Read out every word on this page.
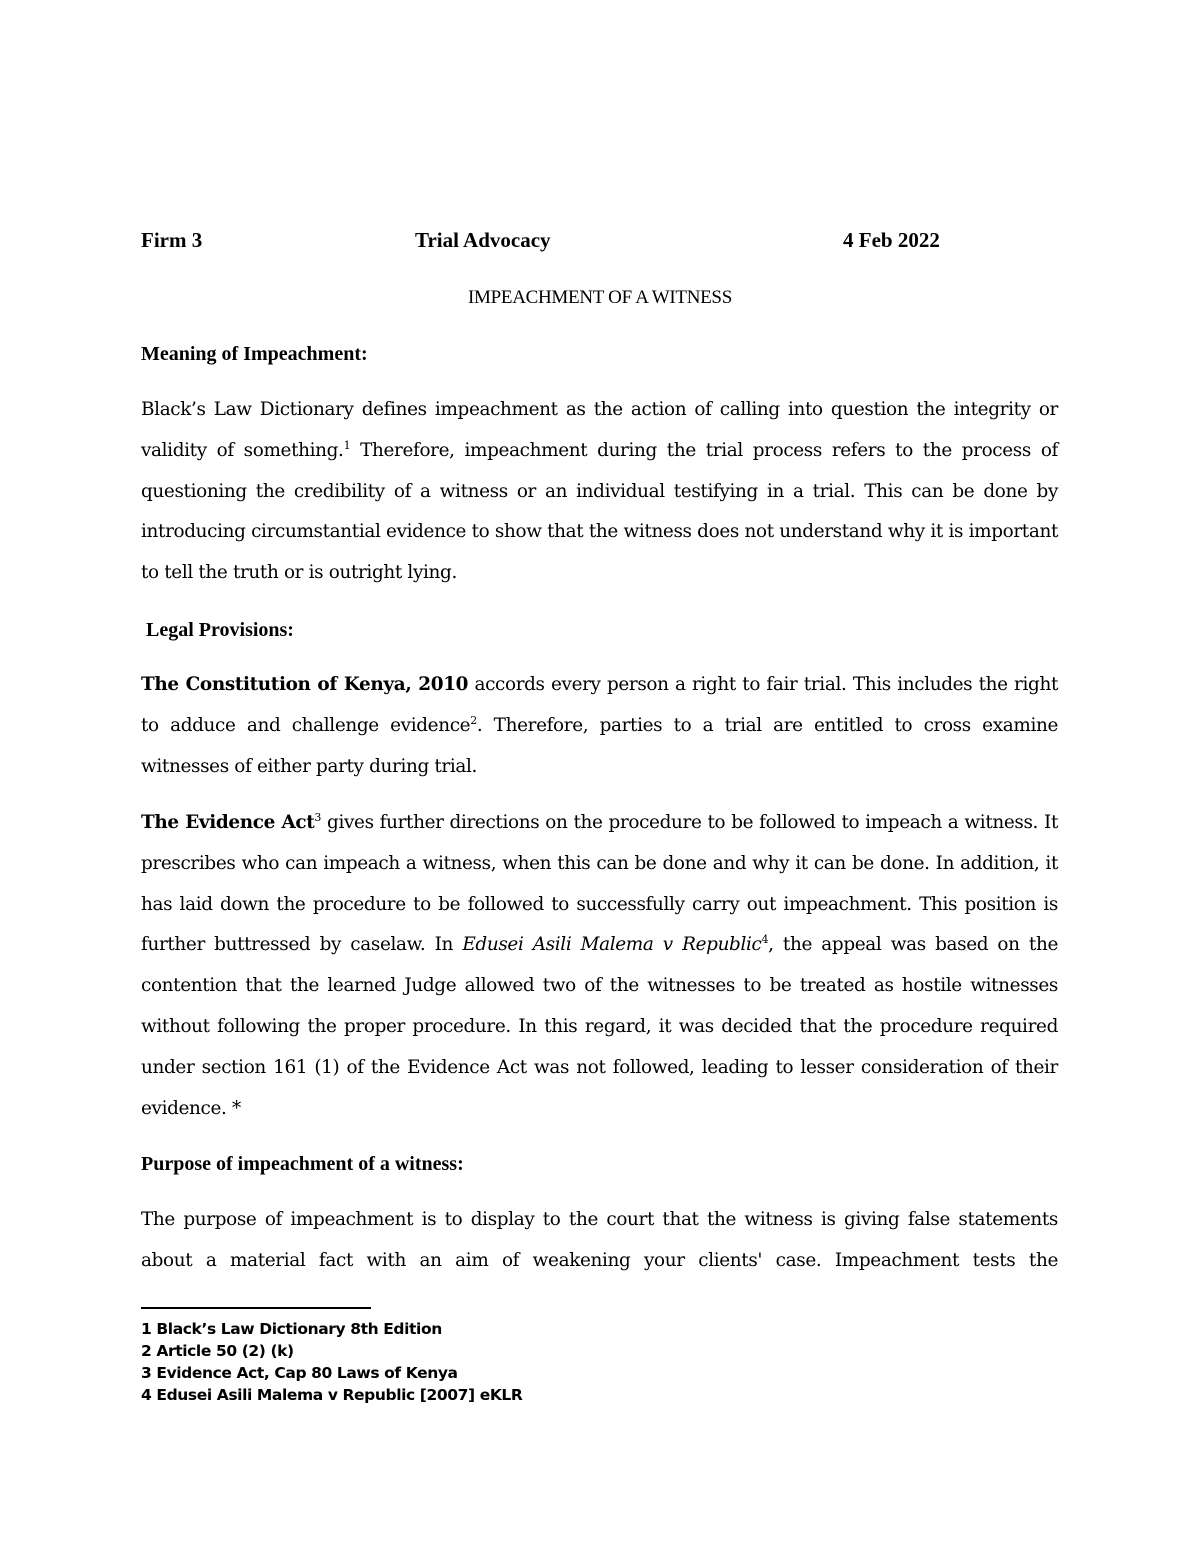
Firm 3	Trial Advocacy	4 Feb 2022
IMPEACHMENT OF A WITNESS
Meaning of Impeachment:
Black’s Law Dictionary defines impeachment as the action of calling into question the integrity or validity of something.$^1$ Therefore, impeachment during the trial process refers to the process of questioning the credibility of a witness or an individual testifying in a trial. This can be done by introducing circumstantial evidence to show that the witness does not understand why it is important to tell the truth or is outright lying.
Legal Provisions:
The Constitution of Kenya, 2010 accords every person a right to fair trial. This includes the right to adduce and challenge evidence$^2$. Therefore, parties to a trial are entitled to cross examine witnesses of either party during trial.
The Evidence Act$^3$ gives further directions on the procedure to be followed to impeach a witness. It prescribes who can impeach a witness, when this can be done and why it can be done. In addition, it has laid down the procedure to be followed to successfully carry out impeachment. This position is further buttressed by caselaw. In Edusei Asili Malema v Republic$^4$, the appeal was based on the contention that the learned Judge allowed two of the witnesses to be treated as hostile witnesses without following the proper procedure. In this regard, it was decided that the procedure required under section 161 (1) of the Evidence Act was not followed, leading to lesser consideration of their evidence. *
Purpose of impeachment of a witness:
The purpose of impeachment is to display to the court that the witness is giving false statements about a material fact with an aim of weakening your clients' case. Impeachment tests the
1 Black’s Law Dictionary 8th Edition
2 Article 50 (2) (k)
3 Evidence Act, Cap 80 Laws of Kenya
4 Edusei Asili Malema v Republic [2007] eKLR
